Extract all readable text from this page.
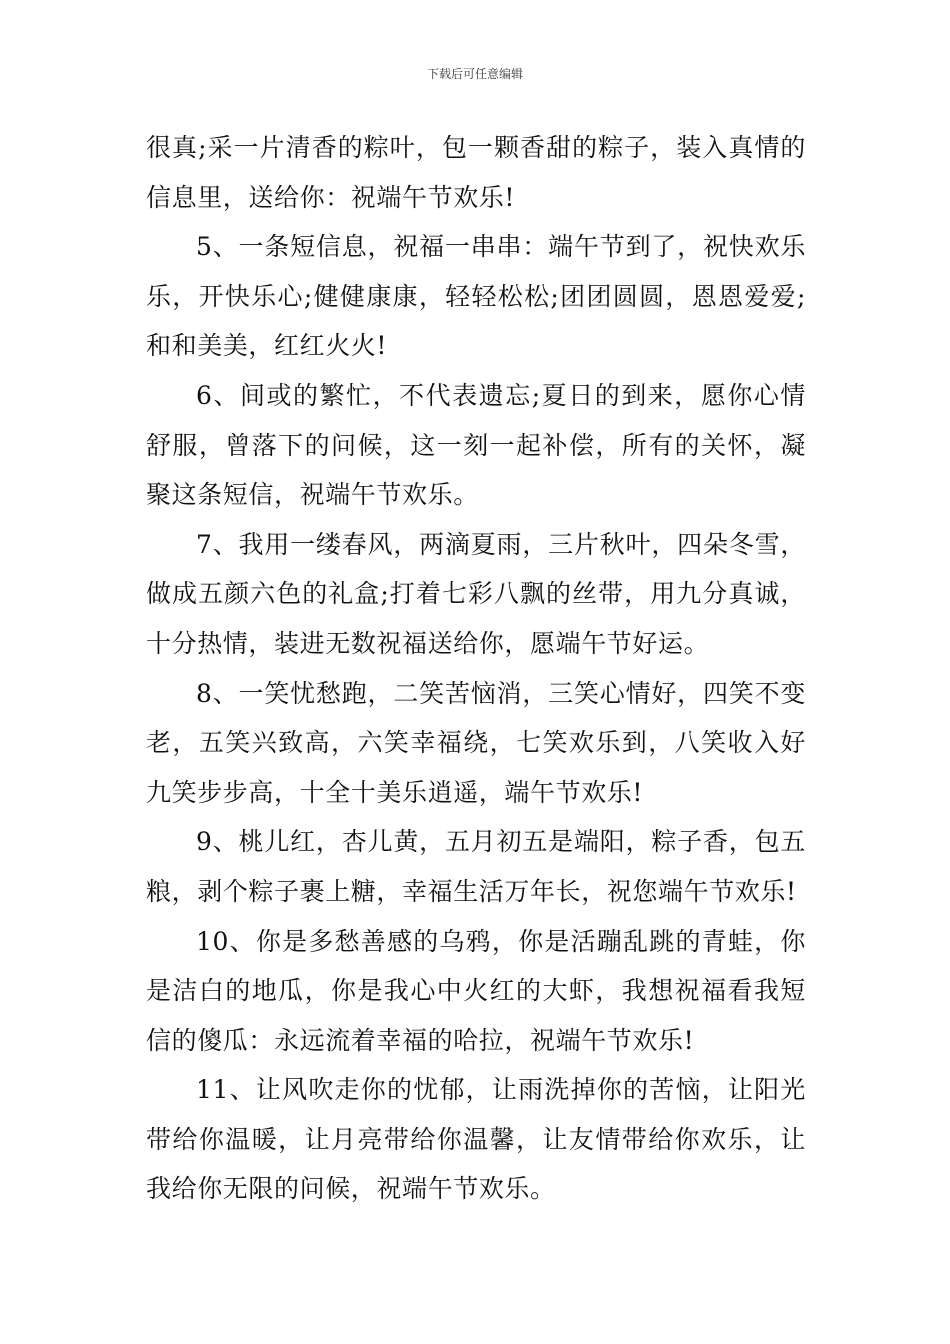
下载后可任意编辑

很真;采一片清香的粽叶，包一颗香甜的粽子，装入真情的信息里，送给你：祝端午节欢乐!

5、一条短信息，祝福一串串：端午节到了，祝快欢乐乐，开快乐心;健健康康，轻轻松松;团团圆圆，恩恩爱爱;和和美美，红红火火!

6、间或的繁忙，不代表遗忘;夏日的到来，愿你心情舒服，曾落下的问候，这一刻一起补偿，所有的关怀，凝聚这条短信，祝端午节欢乐。

7、我用一缕春风，两滴夏雨，三片秋叶，四朵冬雪，做成五颜六色的礼盒;打着七彩八飘的丝带，用九分真诚，十分热情，装进无数祝福送给你，愿端午节好运。

8、一笑忧愁跑，二笑苦恼消，三笑心情好，四笑不变老，五笑兴致高，六笑幸福绕，七笑欢乐到，八笑收入好九笑步步高，十全十美乐逍遥，端午节欢乐!

9、桃儿红，杏儿黄，五月初五是端阳，粽子香，包五粮，剥个粽子裹上糖，幸福生活万年长，祝您端午节欢乐!

10、你是多愁善感的乌鸦，你是活蹦乱跳的青蛙，你是洁白的地瓜，你是我心中火红的大虾，我想祝福看我短信的傻瓜：永远流着幸福的哈拉，祝端午节欢乐!

11、让风吹走你的忧郁，让雨洗掉你的苦恼，让阳光带给你温暖，让月亮带给你温馨，让友情带给你欢乐，让我给你无限的问候，祝端午节欢乐。
